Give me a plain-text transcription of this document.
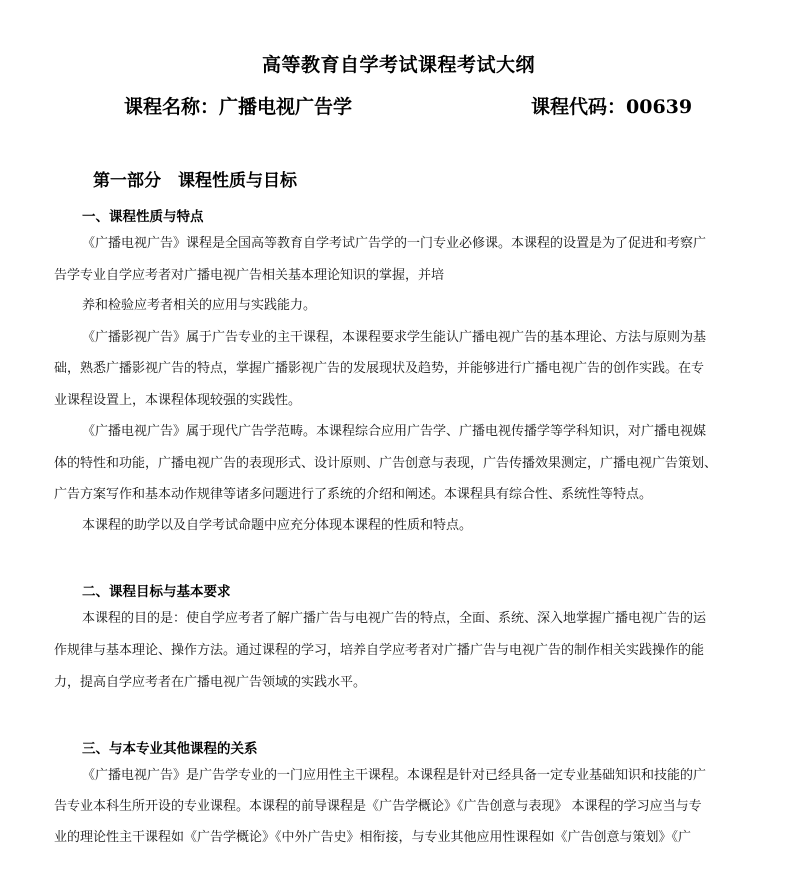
高等教育自学考试课程考试大纲
课程名称：广播电视广告学	课程代码：00639
第一部分　课程性质与目标
一、课程性质与特点
《广播电视广告》课程是全国高等教育自学考试广告学的一门专业必修课。本课程的设置是为了促进和考察广
告学专业自学应考者对广播电视广告相关基本理论知识的掌握，并培
养和检验应考者相关的应用与实践能力。
《广播影视广告》属于广告专业的主干课程，本课程要求学生能认广播电视广告的基本理论、方法与原则为基
础，熟悉广播影视广告的特点，掌握广播影视广告的发展现状及趋势，并能够进行广播电视广告的创作实践。在专
业课程设置上，本课程体现较强的实践性。
《广播电视广告》属于现代广告学范畴。本课程综合应用广告学、广播电视传播学等学科知识，对广播电视媒
体的特性和功能，广播电视广告的表现形式、设计原则、广告创意与表现，广告传播效果测定，广播电视广告策划、
广告方案写作和基本动作规律等诸多问题进行了系统的介绍和阐述。本课程具有综合性、系统性等特点。
本课程的助学以及自学考试命题中应充分体现本课程的性质和特点。
二、课程目标与基本要求
本课程的目的是：使自学应考者了解广播广告与电视广告的特点，全面、系统、深入地掌握广播电视广告的运
作规律与基本理论、操作方法。通过课程的学习，培养自学应考者对广播广告与电视广告的制作相关实践操作的能
力，提高自学应考者在广播电视广告领域的实践水平。
三、与本专业其他课程的关系
《广播电视广告》是广告学专业的一门应用性主干课程。本课程是针对已经具备一定专业基础知识和技能的广
告专业本科生所开设的专业课程。本课程的前导课程是《广告学概论》《广告创意与表现》 本课程的学习应当与专
业的理论性主干课程如《广告学概论》《中外广告史》相衔接，与专业其他应用性课程如《广告创意与策划》《广
